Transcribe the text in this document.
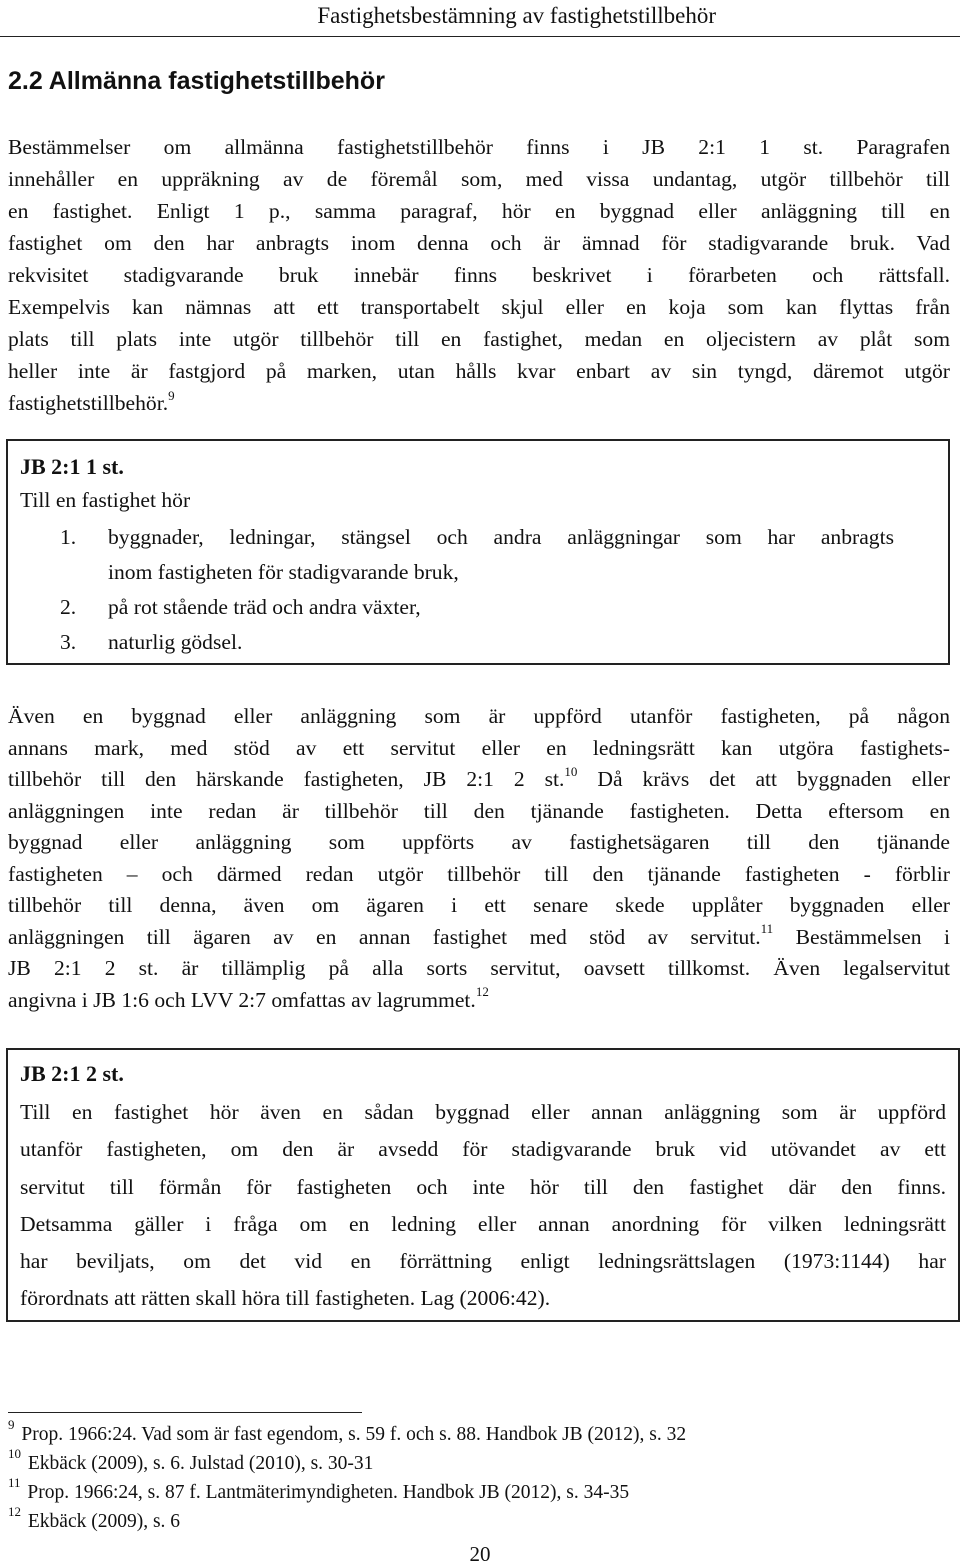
Fastighetsbestämning av fastighetstillbehör
2.2 Allmänna fastighetstillbehör

Bestämmelser om allmänna fastighetstillbehör finns i JB 2:1 1 st. Paragrafen
innehåller en uppräkning av de föremål som, med vissa undantag, utgör tillbehör till
en fastighet. Enligt 1 p., samma paragraf, hör en byggnad eller anläggning till en
fastighet om den har anbragts inom denna och är ämnad för stadigvarande bruk. Vad
rekvisitet stadigvarande bruk innebär finns beskrivet i förarbeten och rättsfall.
Exempelvis kan nämnas att ett transportabelt skjul eller en koja som kan flyttas från
plats till plats inte utgör tillbehör till en fastighet, medan en oljecistern av plåt som
heller inte är fastgjord på marken, utan hålls kvar enbart av sin tyngd, däremot utgör
fastighetstillbehör.$^9$

JB 2:1 1 st.

Till en fastighet hör

1. byggnader, ledningar, stängsel och andra anläggningar som har anbragts
inom fastigheten för stadigvarande bruk,
2. på rot stående träd och andra växter,
3. naturlig gödsel.

Även en byggnad eller anläggning som är uppförd utanför fastigheten, på någon
annans mark, med stöd av ett servitut eller en ledningsrätt kan utgöra fastighets-
tillbehör till den härskande fastigheten, JB 2:1 2 st.$^{10}$ Då krävs det att byggnaden eller
anläggningen inte redan är tillbehör till den tjänande fastigheten. Detta eftersom en
byggnad eller anläggning som uppförts av fastighetsägaren till den tjänande
fastigheten – och därmed redan utgör tillbehör till den tjänande fastigheten - förblir
tillbehör till denna, även om ägaren i ett senare skede upplåter byggnaden eller
anläggningen till ägaren av en annan fastighet med stöd av servitut.$^{11}$ Bestämmelsen i
JB 2:1 2 st. är tillämplig på alla sorts servitut, oavsett tillkomst. Även legalservitut
angivna i JB 1:6 och LVV 2:7 omfattas av lagrummet.$^{12}$

JB 2:1 2 st.

Till en fastighet hör även en sådan byggnad eller annan anläggning som är uppförd
utanför fastigheten, om den är avsedd för stadigvarande bruk vid utövandet av ett
servitut till förmån för fastigheten och inte hör till den fastighet där den finns.
Detsamma gäller i fråga om en ledning eller annan anordning för vilken ledningsrätt
har beviljats, om det vid en förrättning enligt ledningsrättslagen (1973:1144) har
förordnats att rätten skall höra till fastigheten. Lag (2006:42).
$^9$ Prop. 1966:24. Vad som är fast egendom, s. 59 f. och s. 88. Handbok JB (2012), s. 32
$^{10}$ Ekbäck (2009), s. 6. Julstad (2010), s. 30-31
$^{11}$ Prop. 1966:24, s. 87 f. Lantmäterimyndigheten. Handbok JB (2012), s. 34-35
$^{12}$ Ekbäck (2009), s. 6
20
